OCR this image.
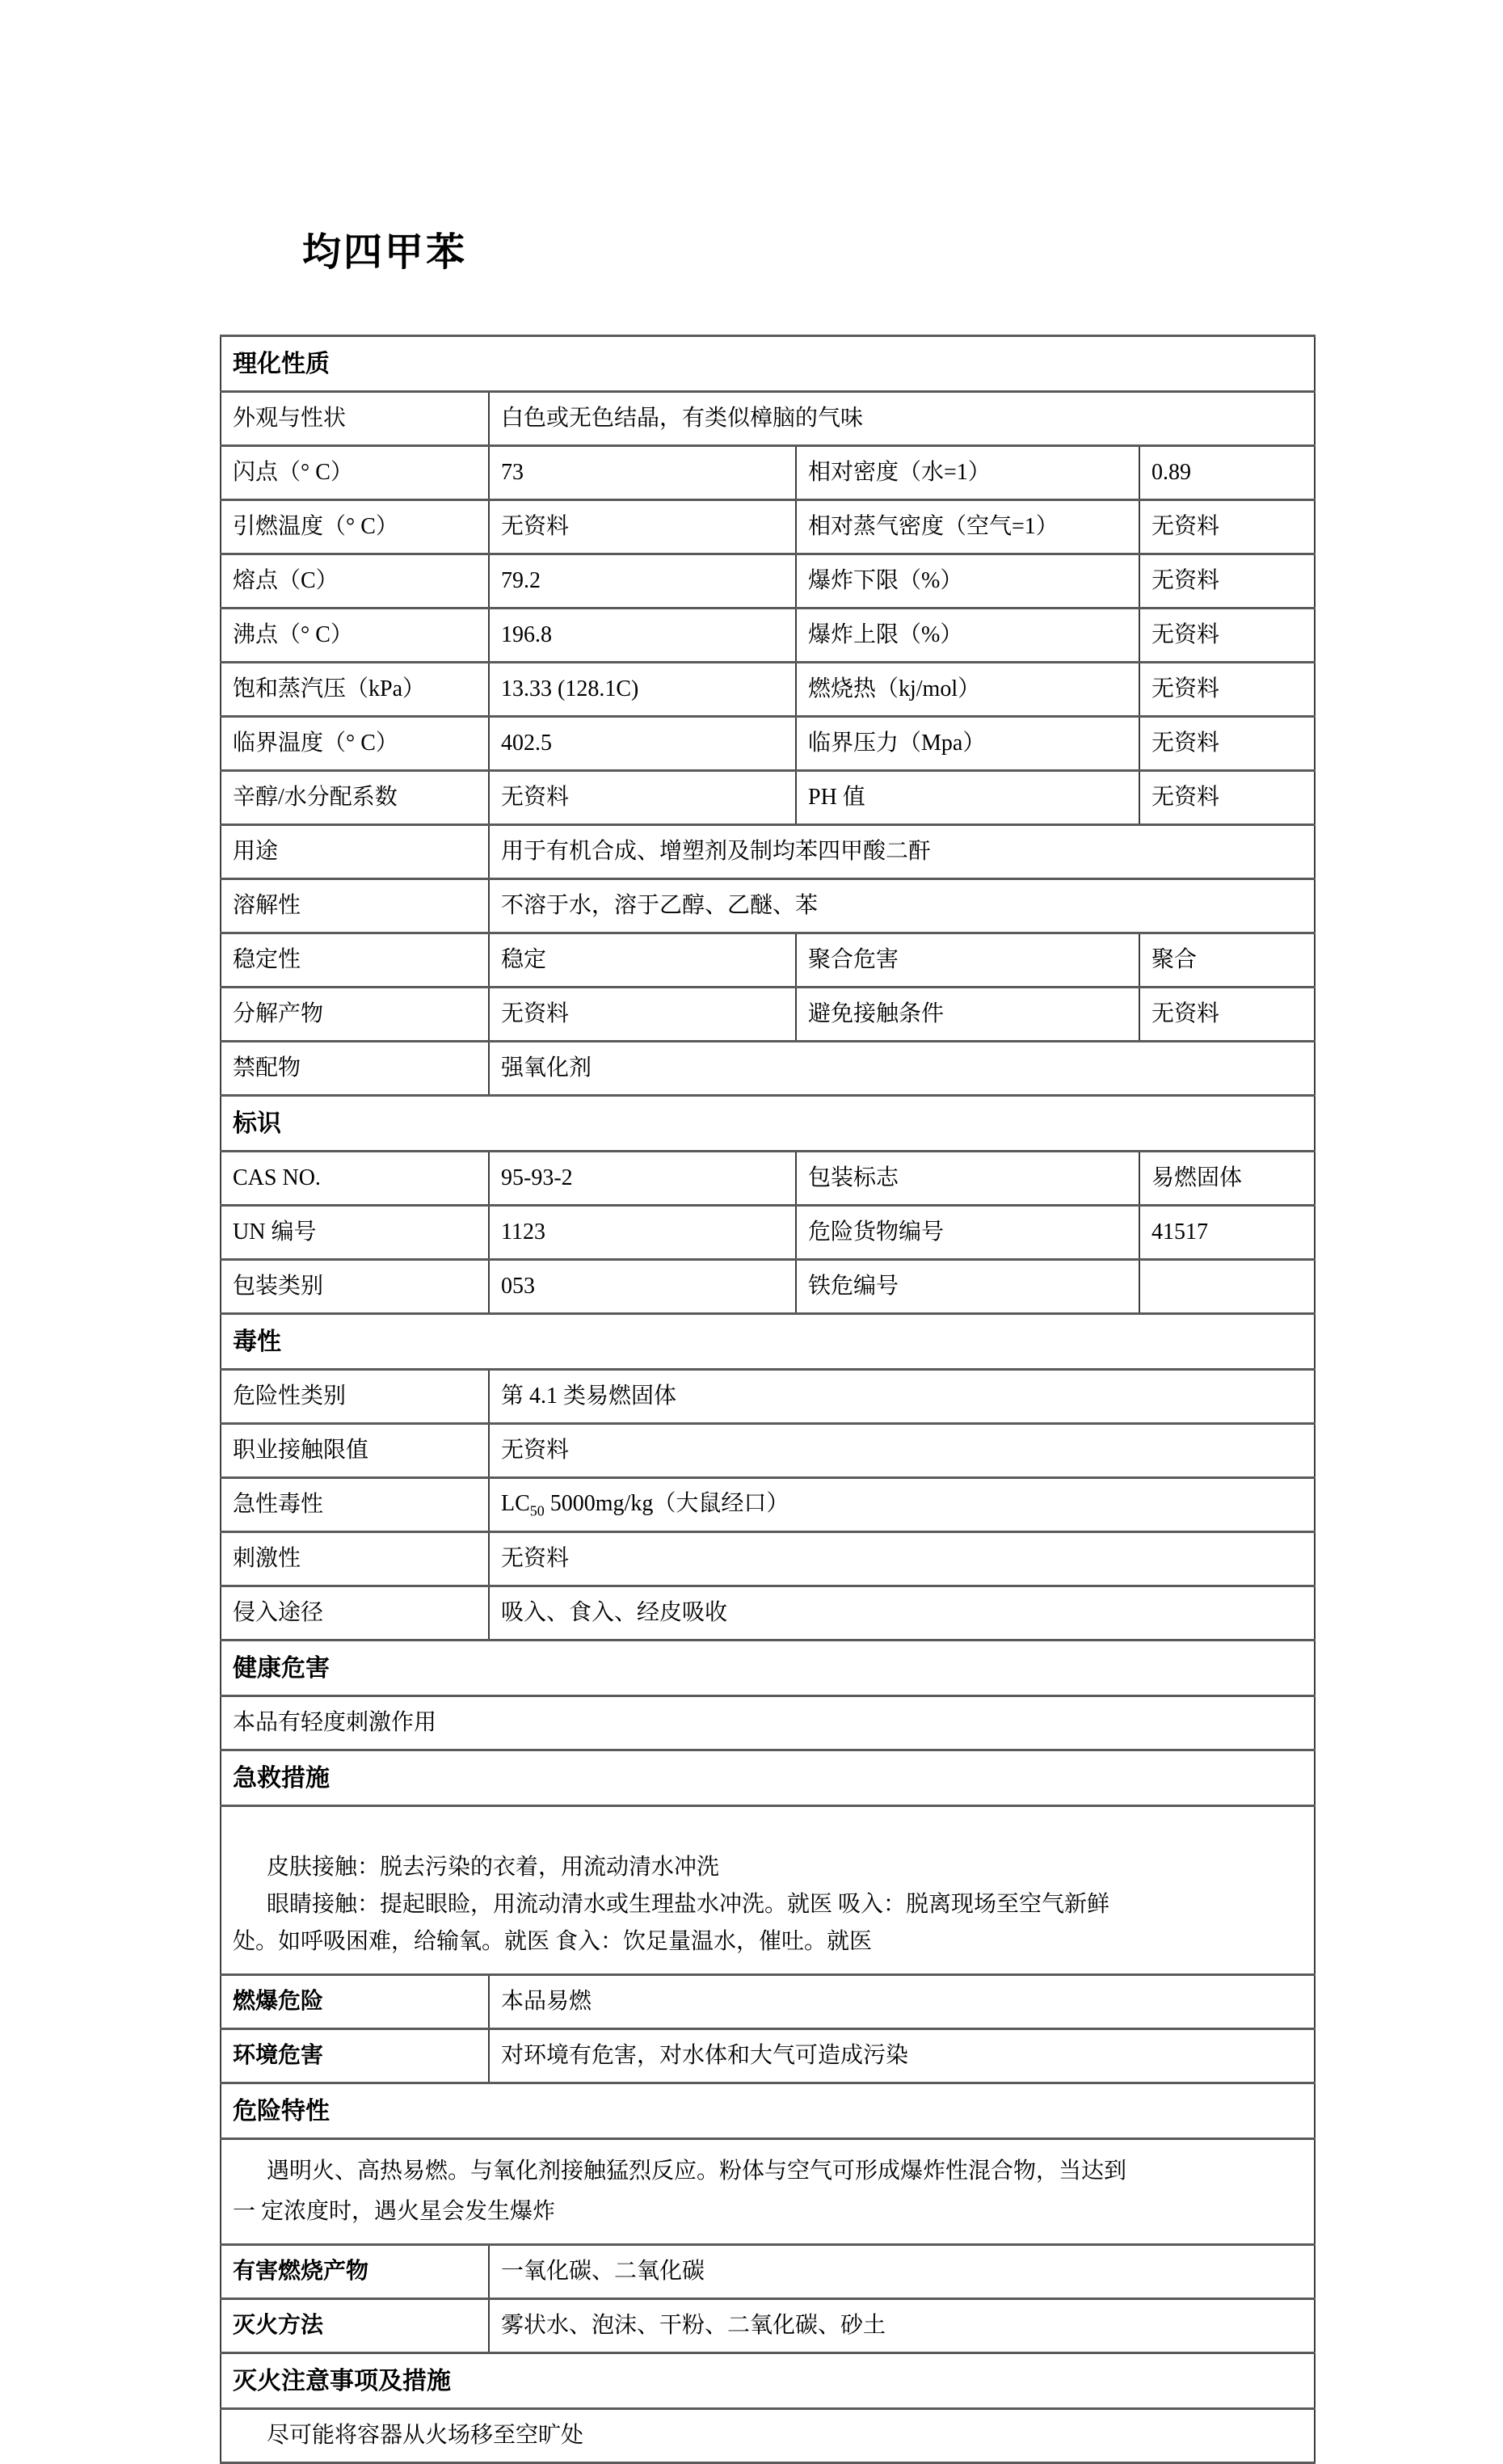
均四甲苯
理化性质			
外观与性状	白色或无色结晶，有类似樟脑的气味		
闪点（° C）	73	相对密度（水=1）	0.89
引燃温度（° C）	无资料	相对蒸气密度（空气=1）	无资料
熔点（C）	79.2	爆炸下限（%）	无资料
沸点（° C）	196.8	爆炸上限（%）	无资料
饱和蒸汽压（kPa）	13.33 (128.1C)	燃烧热（kj/mol）	无资料
临界温度（° C）	402.5	临界压力（Mpa）	无资料
辛醇/水分配系数	无资料	PH 值	无资料
用途	用于有机合成、增塑剂及制均苯四甲酸二酐		
溶解性	不溶于水，溶于乙醇、乙醚、苯		
稳定性	稳定	聚合危害	聚合
分解产物	无资料	避免接触条件	无资料
禁配物	强氧化剂		
标识			
CAS NO.	95-93-2	包装标志	易燃固体
UN 编号	1123	危险货物编号	41517
包装类别	053	铁危编号	
毒性			
危险性类别	第 4.1 类易燃固体		
职业接触限值	无资料		
急性毒性	$LC_{50}$ 5000mg/kg（大鼠经口）		
刺激性	无资料		
侵入途径	吸入、食入、经皮吸收		
健康危害			
本品有轻度刺激作用			
急救措施			

皮肤接触：脱去污染的衣着，用流动清水冲洗
眼睛接触：提起眼睑，用流动清水或生理盐水冲洗。就医 吸入：脱离现场至空气新鲜
处。如呼吸困难，给输氧。就医 食入：饮足量温水，催吐。就医			

燃爆危险	本品易燃		
环境危害	对环境有危害，对水体和大气可造成污染		
危险特性			

遇明火、高热易燃。与氧化剂接触猛烈反应。粉体与空气可形成爆炸性混合物，当达到
一 定浓度时，遇火星会发生爆炸			

有害燃烧产物	一氧化碳、二氧化碳		
灭火方法	雾状水、泡沫、干粉、二氧化碳、砂土		
灭火注意事项及措施			
尽可能将容器从火场移至空旷处			
